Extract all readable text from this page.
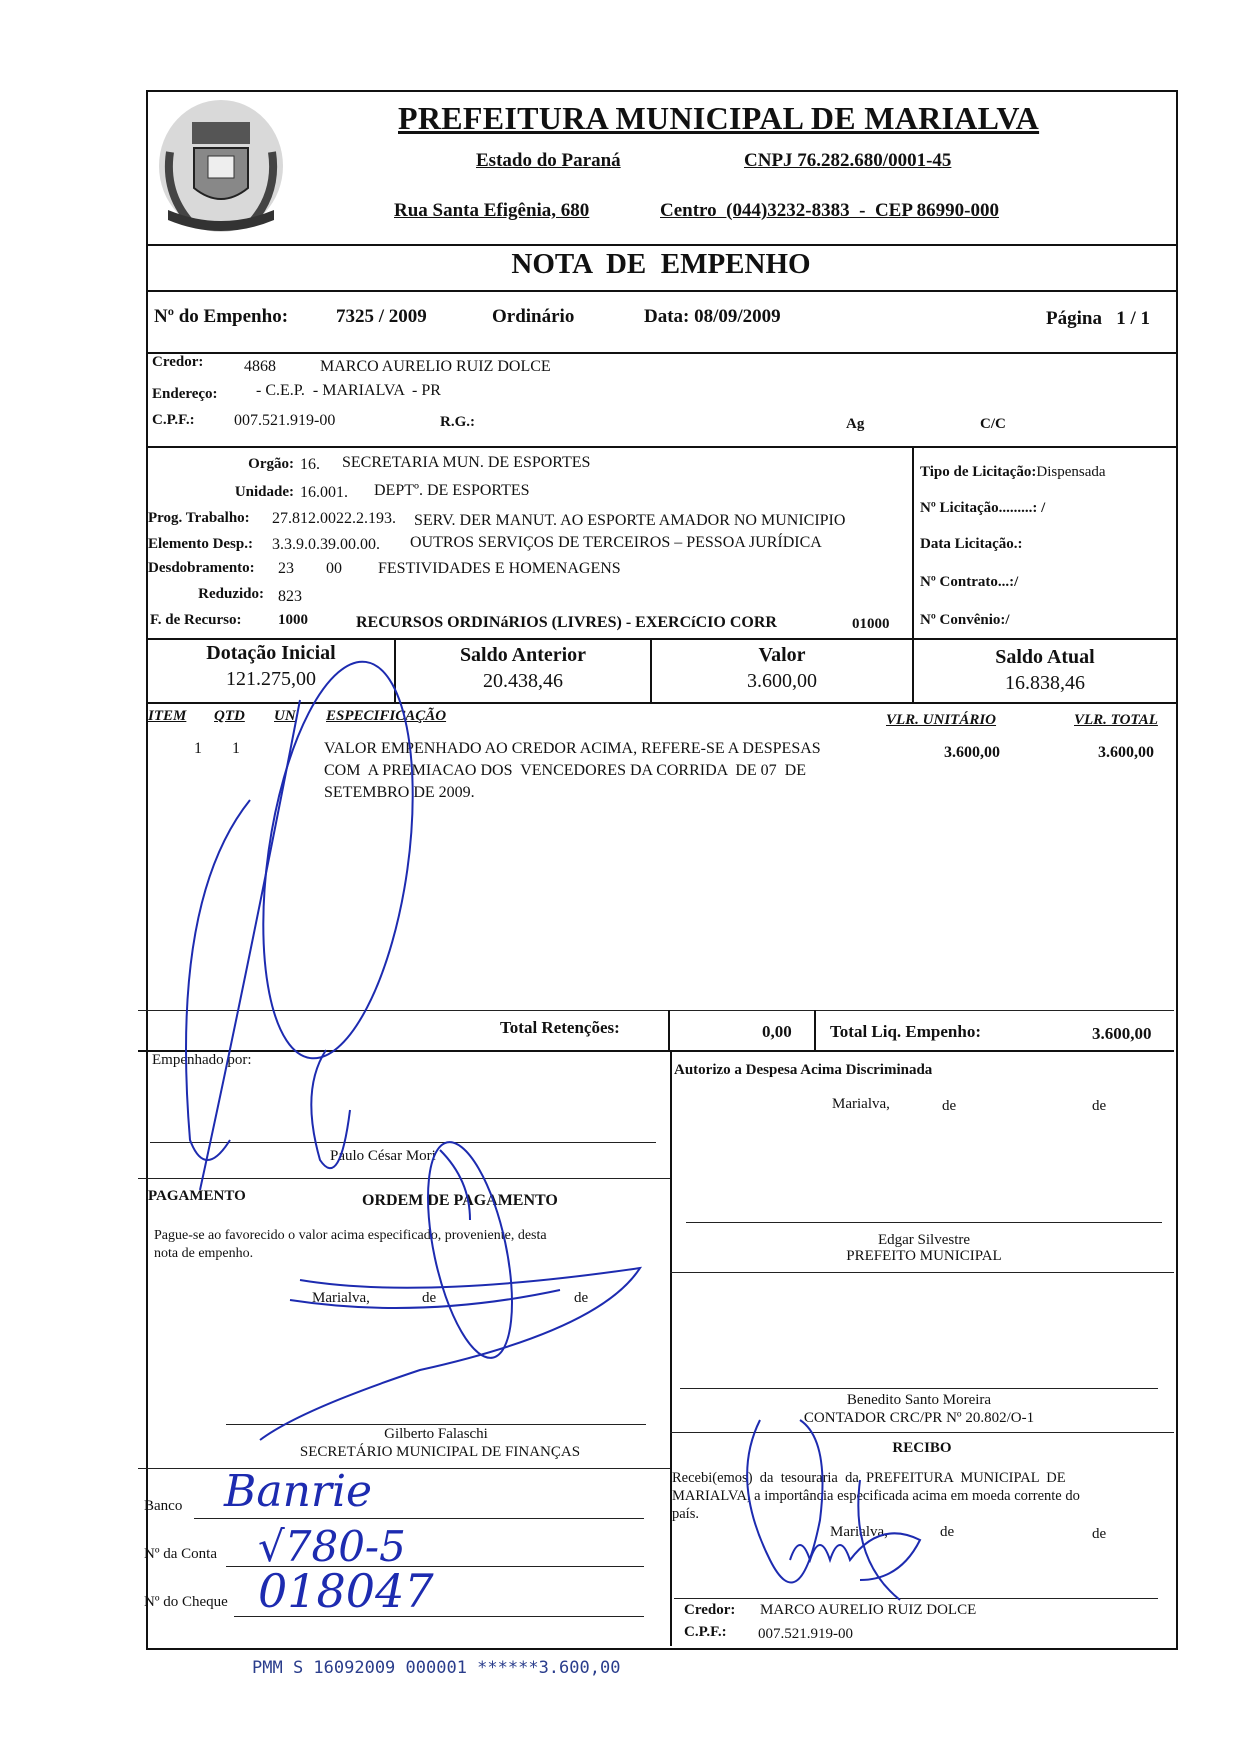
PREFEITURA MUNICIPAL DE MARIALVA
Estado do Paraná	CNPJ 76.282.680/0001-45
Rua Santa Efigênia, 680	Centro  (044)3232-8383  -  CEP 86990-000
NOTA  DE  EMPENHO
Nº do Empenho:	7325 / 2009	Ordinário	Data: 08/09/2009	Página   1 / 1
Credor:	4868	MARCO AURELIO RUIZ DOLCE
Endereço: - C.E.P.  - MARIALVA  - PR
C.P.F.: 007.521.919-00	R.G.:	Ag	C/C
Orgão: 16. SECRETARIA MUN. DE ESPORTES
Unidade: 16.001. DEPTº. DE ESPORTES
Prog. Trabalho: 27.812.0022.2.193. SERV. DER MANUT. AO ESPORTE AMADOR NO MUNICIPIO
Elemento Desp.: 3.3.9.0.39.00.00. OUTROS SERVIÇOS DE TERCEIROS – PESSOA JURÍDICA
Desdobramento: 23 00 FESTIVIDADES E HOMENAGENS
Reduzido: 823
F. de Recurso: 1000	RECURSOS ORDINáRIOS (LIVRES) - EXERCíCIO CORR	01000
Tipo de Licitação:Dispensada
Nº Licitação.........: /
Data Licitação.:
Nº Contrato...:/
Nº Convênio:/
Dotação Inicial
121.275,00
Saldo Anterior
20.438,46
Valor
3.600,00
Saldo Atual
16.838,46
ITEM QTD UN ESPECIFICAÇÃO	VLR. UNITÁRIO	VLR. TOTAL
1 1	VALOR EMPENHADO AO CREDOR ACIMA, REFERE-SE A DESPESAS
COM  A PREMIACAO DOS  VENCEDORES DA CORRIDA  DE 07  DE
SETEMBRO DE 2009.
3.600,00	3.600,00
Total Retenções:	0,00 Total Liq. Empenho:	3.600,00
Empenhado por:
Paulo César Mori
Autorizo a Despesa Acima Discriminada
Marialva,	de	de
Edgar Silvestre
PREFEITO MUNICIPAL
PAGAMENTO	ORDEM DE PAGAMENTO
Pague-se ao favorecido o valor acima especificado, proveniente, desta
nota de empenho.
Marialva,	de	de
Benedito Santo Moreira
CONTADOR CRC/PR Nº 20.802/O-1
Gilberto Falaschi
SECRETÁRIO MUNICIPAL DE FINANÇAS	RECIBO
Recebi(emos)  da  tesouraria  da  PREFEITURA  MUNICIPAL  DE
MARIALVA, a importância especificada acima em moeda corrente do
país.
Marialva,	de	de
Credor: MARCO AURELIO RUIZ DOLCE
C.P.F.: 007.521.919-00
Banco Banrie
Nº da Conta √780-5
Nº do Cheque 018047
PMM S 16092009 000001 ******3.600,00
